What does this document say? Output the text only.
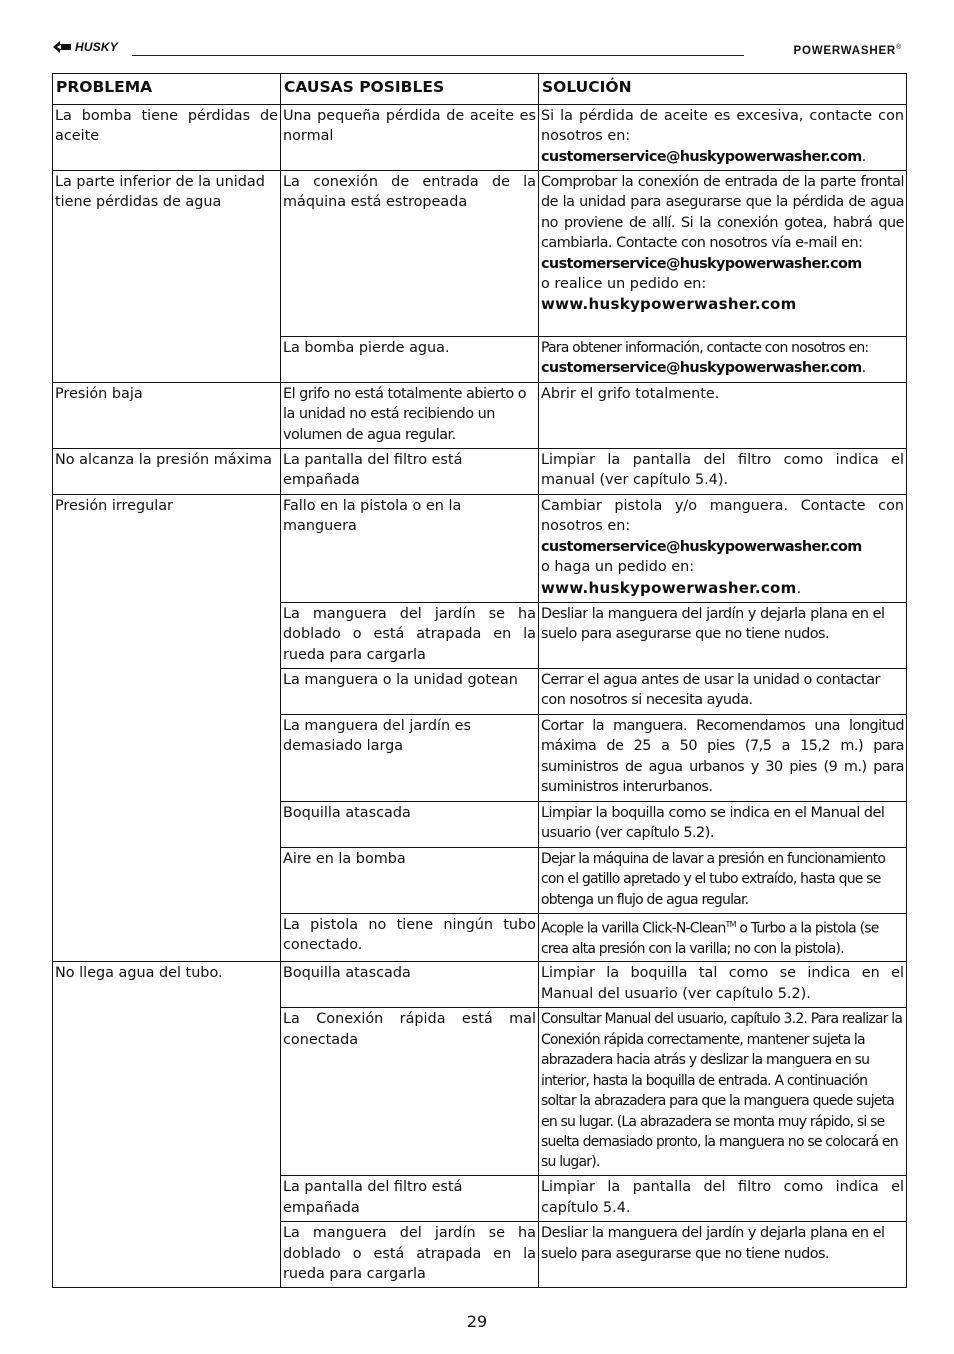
HUSKY	POWERWASHER®
PROBLEMA	CAUSAS POSIBLES	SOLUCIÓN
La bomba tiene pérdidas de aceite	Una pequeña pérdida de aceite es normal	Si la pérdida de aceite es excesiva, contacte con nosotros en:
customerservice@huskypowerwasher.com.

La parte inferior de la unidad tiene pérdidas de agua	La conexión de entrada de la máquina está estropeada	Comprobar la conexión de entrada de la parte frontal de la unidad para asegurarse que la pérdida de agua no proviene de allí. Si la conexión gotea, habrá que cambiarla. Contacte con nosotros vía e-mail en:
customerservice@huskypowerwasher.com
o realice un pedido en:
www.huskypowerwasher.com

	La bomba pierde agua.	Para obtener información, contacte con nosotros en:
customerservice@huskypowerwasher.com.

Presión baja	El grifo no está totalmente abierto o la unidad no está recibiendo un volumen de agua regular.	Abrir el grifo totalmente.
No alcanza la presión máxima	La pantalla del filtro está empañada	Limpiar la pantalla del filtro como indica el manual (ver capítulo 5.4).
Presión irregular	Fallo en la pistola o en la manguera	Cambiar pistola y/o manguera. Contacte con nosotros en:
customerservice@huskypowerwasher.com
o haga un pedido en:
www.huskypowerwasher.com.

	La manguera del jardín se ha doblado o está atrapada en la rueda para cargarla	Desliar la manguera del jardín y dejarla plana en el suelo para asegurarse que no tiene nudos.
	La manguera o la unidad gotean	Cerrar el agua antes de usar la unidad o contactar con nosotros si necesita ayuda.
	La manguera del jardín es demasiado larga	Cortar la manguera. Recomendamos una longitud máxima de 25 a 50 pies (7,5 a 15,2 m.) para suministros de agua urbanos y 30 pies (9 m.) para suministros interurbanos.
	Boquilla atascada	Limpiar la boquilla como se indica en el Manual del usuario (ver capítulo 5.2).
	Aire en la bomba	Dejar la máquina de lavar a presión en funcionamiento con el gatillo apretado y el tubo extraído, hasta que se obtenga un flujo de agua regular.
	La pistola no tiene ningún tubo conectado.	Acople la varilla Click-N-Clean™ o Turbo a la pistola (se crea alta presión con la varilla; no con la pistola).
No llega agua del tubo.	Boquilla atascada	Limpiar la boquilla tal como se indica en el Manual del usuario (ver capítulo 5.2).
	La Conexión rápida está mal conectada	Consultar Manual del usuario, capítulo 3.2. Para realizar la Conexión rápida correctamente, mantener sujeta la abrazadera hacia atrás y deslizar la manguera en su interior, hasta la boquilla de entrada. A continuación soltar la abrazadera para que la manguera quede sujeta en su lugar. (La abrazadera se monta muy rápido, si se suelta demasiado pronto, la manguera no se colocará en su lugar).
	La pantalla del filtro está empañada	Limpiar la pantalla del filtro como indica el capítulo 5.4.
	La manguera del jardín se ha doblado o está atrapada en la rueda para cargarla	Desliar la manguera del jardín y dejarla plana en el suelo para asegurarse que no tiene nudos.
29
